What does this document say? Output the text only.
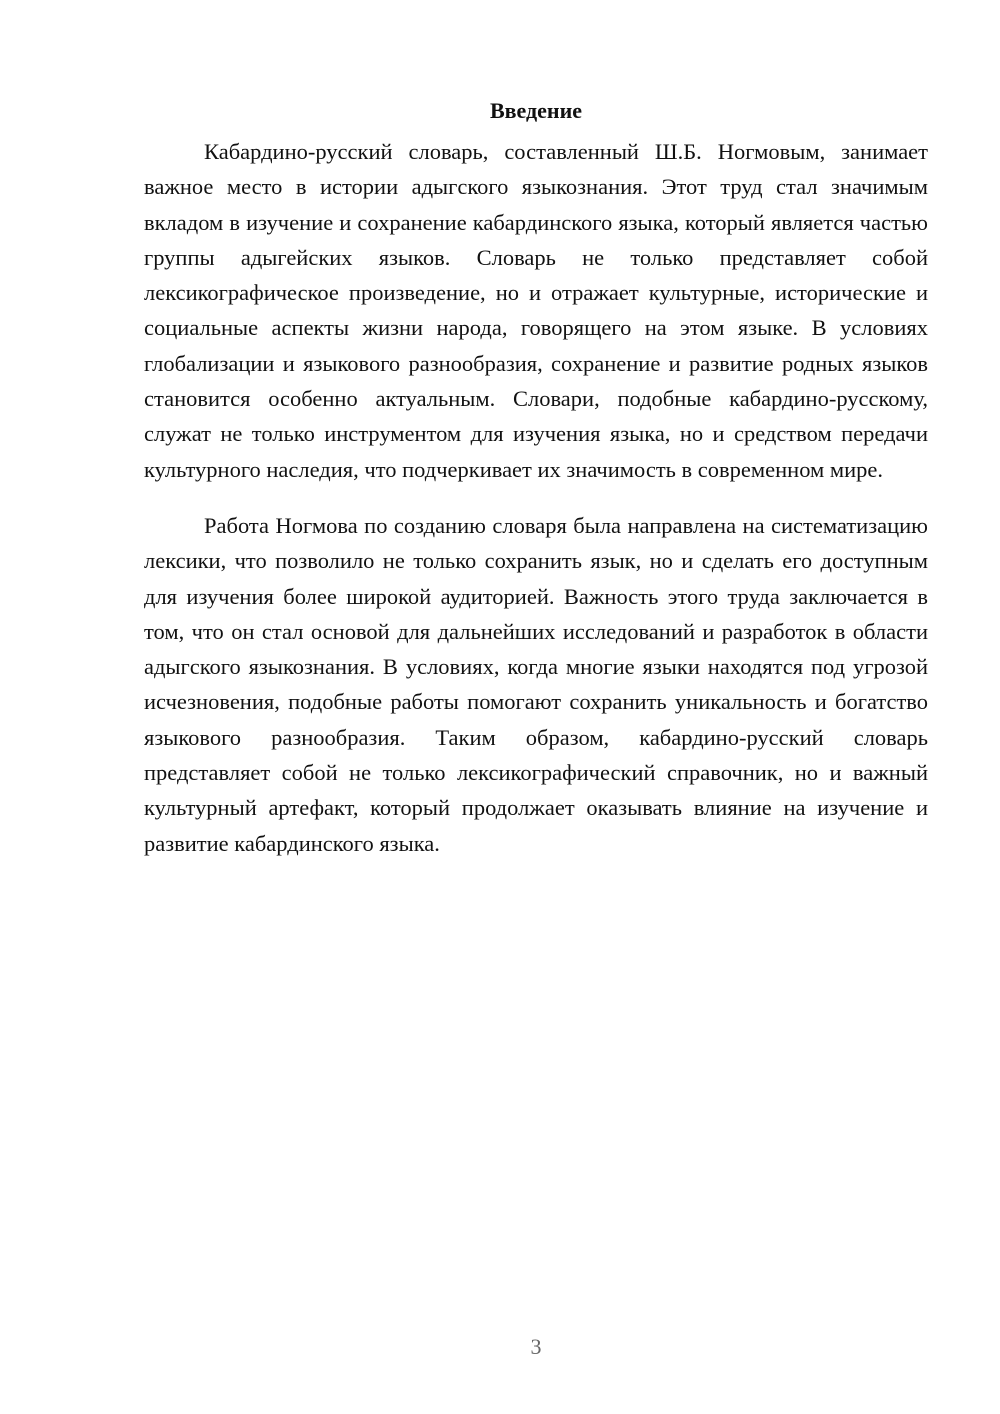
Введение

Кабардино-русский словарь, составленный Ш.Б. Ногмовым, занимает важное место в истории адыгского языкознания. Этот труд стал значимым вкладом в изучение и сохранение кабардинского языка, который является частью группы адыгейских языков. Словарь не только представляет собой лексикографическое произведение, но и отражает культурные, исторические и социальные аспекты жизни народа, говорящего на этом языке. В условиях глобализации и языкового разнообразия, сохранение и развитие родных языков становится особенно актуальным. Словари, подобные кабардино-русскому, служат не только инструментом для изучения языка, но и средством передачи культурного наследия, что подчеркивает их значимость в современном мире.

Работа Ногмова по созданию словаря была направлена на систематизацию лексики, что позволило не только сохранить язык, но и сделать его доступным для изучения более широкой аудиторией. Важность этого труда заключается в том, что он стал основой для дальнейших исследований и разработок в области адыгского языкознания. В условиях, когда многие языки находятся под угрозой исчезновения, подобные работы помогают сохранить уникальность и богатство языкового разнообразия. Таким образом, кабардино-русский словарь представляет собой не только лексикографический справочник, но и важный культурный артефакт, который продолжает оказывать влияние на изучение и развитие кабардинского языка.

3
